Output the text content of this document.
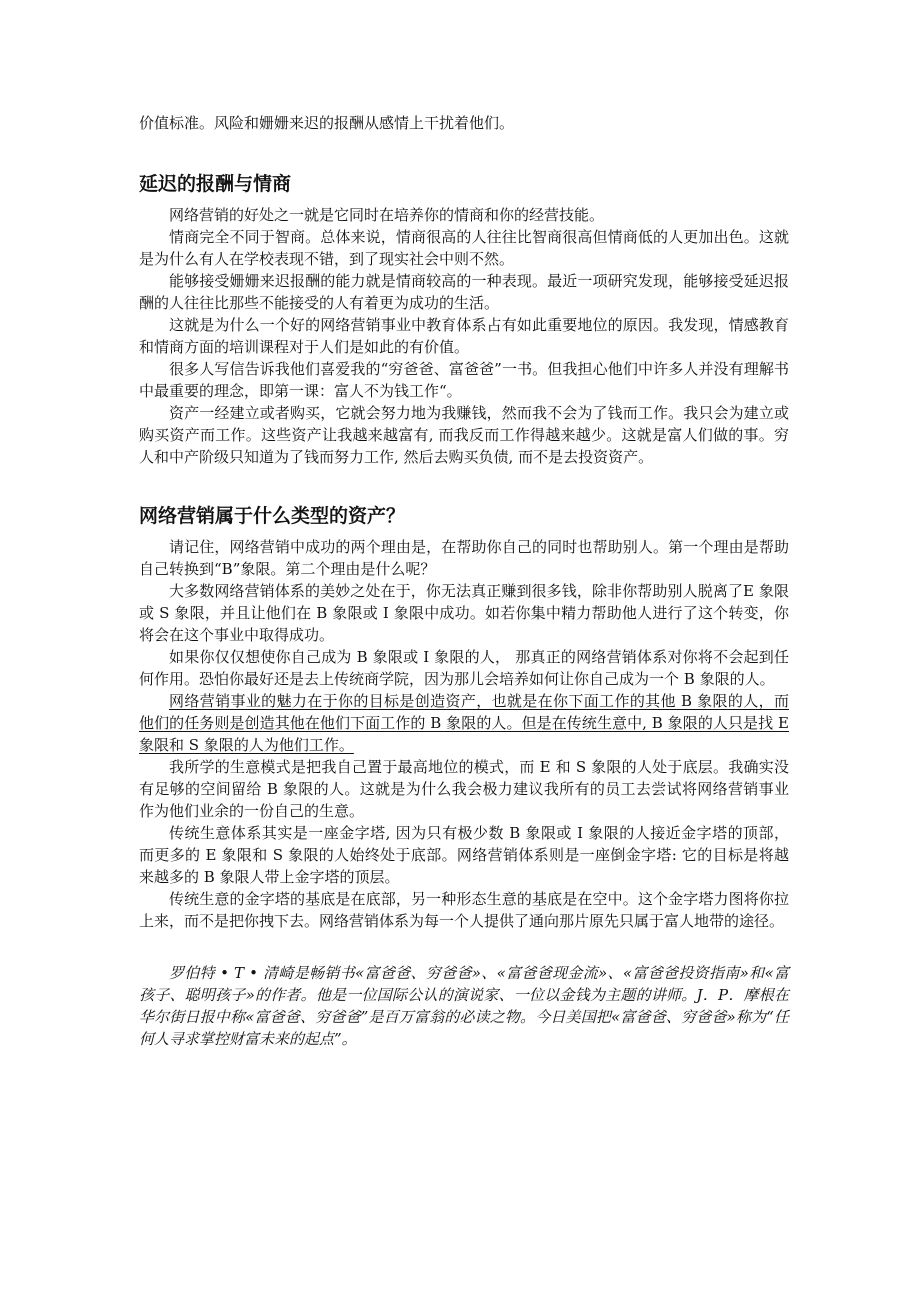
价值标准。风险和姗姗来迟的报酬从感情上干扰着他们。

延迟的报酬与情商

网络营销的好处之一就是它同时在培养你的情商和你的经营技能。

情商完全不同于智商。总体来说，情商很高的人往往比智商很高但情商低的人更加出色。这就是为什么有人在学校表现不错，到了现实社会中则不然。

能够接受姗姗来迟报酬的能力就是情商较高的一种表现。最近一项研究发现，能够接受延迟报酬的人往往比那些不能接受的人有着更为成功的生活。

这就是为什么一个好的网络营销事业中教育体系占有如此重要地位的原因。我发现，情感教育和情商方面的培训课程对于人们是如此的有价值。

很多人写信告诉我他们喜爱我的“穷爸爸、富爸爸”一书。但我担心他们中许多人并没有理解书中最重要的理念，即第一课：富人不为钱工作“。

资产一经建立或者购买，它就会努力地为我赚钱，然而我不会为了钱而工作。我只会为建立或购买资产而工作。这些资产让我越来越富有, 而我反而工作得越来越少。这就是富人们做的事。穷人和中产阶级只知道为了钱而努力工作, 然后去购买负债, 而不是去投资资产。

网络营销属于什么类型的资产？

请记住，网络营销中成功的两个理由是，在帮助你自己的同时也帮助别人。第一个理由是帮助自己转换到“B”象限。第二个理由是什么呢？

大多数网络营销体系的美妙之处在于，你无法真正赚到很多钱，除非你帮助别人脱离了E 象限或 S 象限，并且让他们在 B 象限或 I 象限中成功。如若你集中精力帮助他人进行了这个转变，你将会在这个事业中取得成功。

如果你仅仅想使你自己成为 B 象限或 I 象限的人， 那真正的网络营销体系对你将不会起到任何作用。恐怕你最好还是去上传统商学院，因为那儿会培养如何让你自己成为一个 B 象限的人。

网络营销事业的魅力在于你的目标是创造资产，也就是在你下面工作的其他 B 象限的人，而他们的任务则是创造其他在他们下面工作的 B 象限的人。但是在传统生意中, B 象限的人只是找 E 象限和 S 象限的人为他们工作。

我所学的生意模式是把我自己置于最高地位的模式，而 E 和 S 象限的人处于底层。我确实没有足够的空间留给 B 象限的人。这就是为什么我会极力建议我所有的员工去尝试将网络营销事业作为他们业余的一份自己的生意。

传统生意体系其实是一座金字塔, 因为只有极少数 B 象限或 I 象限的人接近金字塔的顶部， 而更多的 E 象限和 S 象限的人始终处于底部。网络营销体系则是一座倒金字塔: 它的目标是将越来越多的 B 象限人带上金字塔的顶层。

传统生意的金字塔的基底是在底部，另一种形态生意的基底是在空中。这个金字塔力图将你拉上来，而不是把你拽下去。网络营销体系为每一个人提供了通向那片原先只属于富人地带的途径。

罗伯特 • T • 清崎是畅销书«富爸爸、穷爸爸»、«富爸爸现金流»、«富爸爸投资指南»和«富孩子、聪明孩子»的作者。他是一位国际公认的演说家、一位以金钱为主题的讲师。J．P．摩根在华尔街日报中称«富爸爸、穷爸爸”是百万富翁的必读之物。今日美国把«富爸爸、穷爸爸»称为“任何人寻求掌控财富未来的起点”。
